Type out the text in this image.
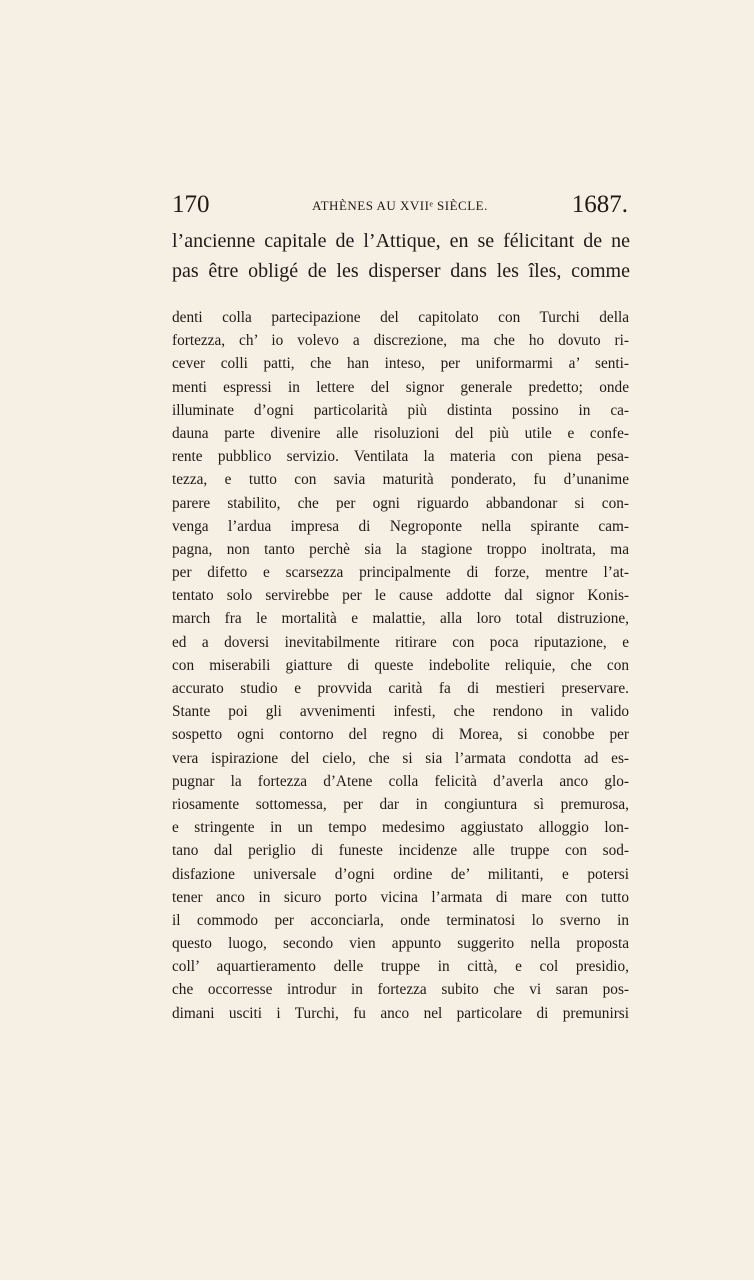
170	ATHÈNES AU XVIIᵉ SIÈCLE.	1687.
l’ancienne capitale de l’Attique, en se félicitant de ne
pas être obligé de les disperser dans les îles, comme
denti colla partecipazione del capitolato con Turchi della
fortezza, ch’ io volevo a discrezione, ma che ho dovuto ri-
cever colli patti, che han inteso, per uniformarmi a’ senti-
menti espressi in lettere del signor generale predetto; onde
illuminate d’ogni particolarità più distinta possino in ca-
dauna parte divenire alle risoluzioni del più utile e confe-
rente pubblico servizio. Ventilata la materia con piena pesa-
tezza, e tutto con savia maturità ponderato, fu d’unanime
parere stabilito, che per ogni riguardo abbandonar si con-
venga l’ardua impresa di Negroponte nella spirante cam-
pagna, non tanto perchè sia la stagione troppo inoltrata, ma
per difetto e scarsezza principalmente di forze, mentre l’at-
tentato solo servirebbe per le cause addotte dal signor Konis-
march fra le mortalità e malattie, alla loro total distruzione,
ed a doversi inevitabilmente ritirare con poca riputazione, e
con miserabili giatture di queste indebolite reliquie, che con
accurato studio e provvida carità fa di mestieri preservare.
Stante poi gli avvenimenti infesti, che rendono in valido
sospetto ogni contorno del regno di Morea, si conobbe per
vera ispirazione del cielo, che si sia l’armata condotta ad es-
pugnar la fortezza d’Atene colla felicità d’averla anco glo-
riosamente sottomessa, per dar in congiuntura sì premurosa,
e stringente in un tempo medesimo aggiustato alloggio lon-
tano dal periglio di funeste incidenze alle truppe con sod-
disfazione universale d’ogni ordine de’ militanti, e potersi
tener anco in sicuro porto vicina l’armata di mare con tutto
il commodo per acconciarla, onde terminatosi lo sverno in
questo luogo, secondo vien appunto suggerito nella proposta
coll’ aquartieramento delle truppe in città, e col presidio,
che occorresse introdur in fortezza subito che vi saran pos-
dimani usciti i Turchi, fu anco nel particolare di premunirsi
